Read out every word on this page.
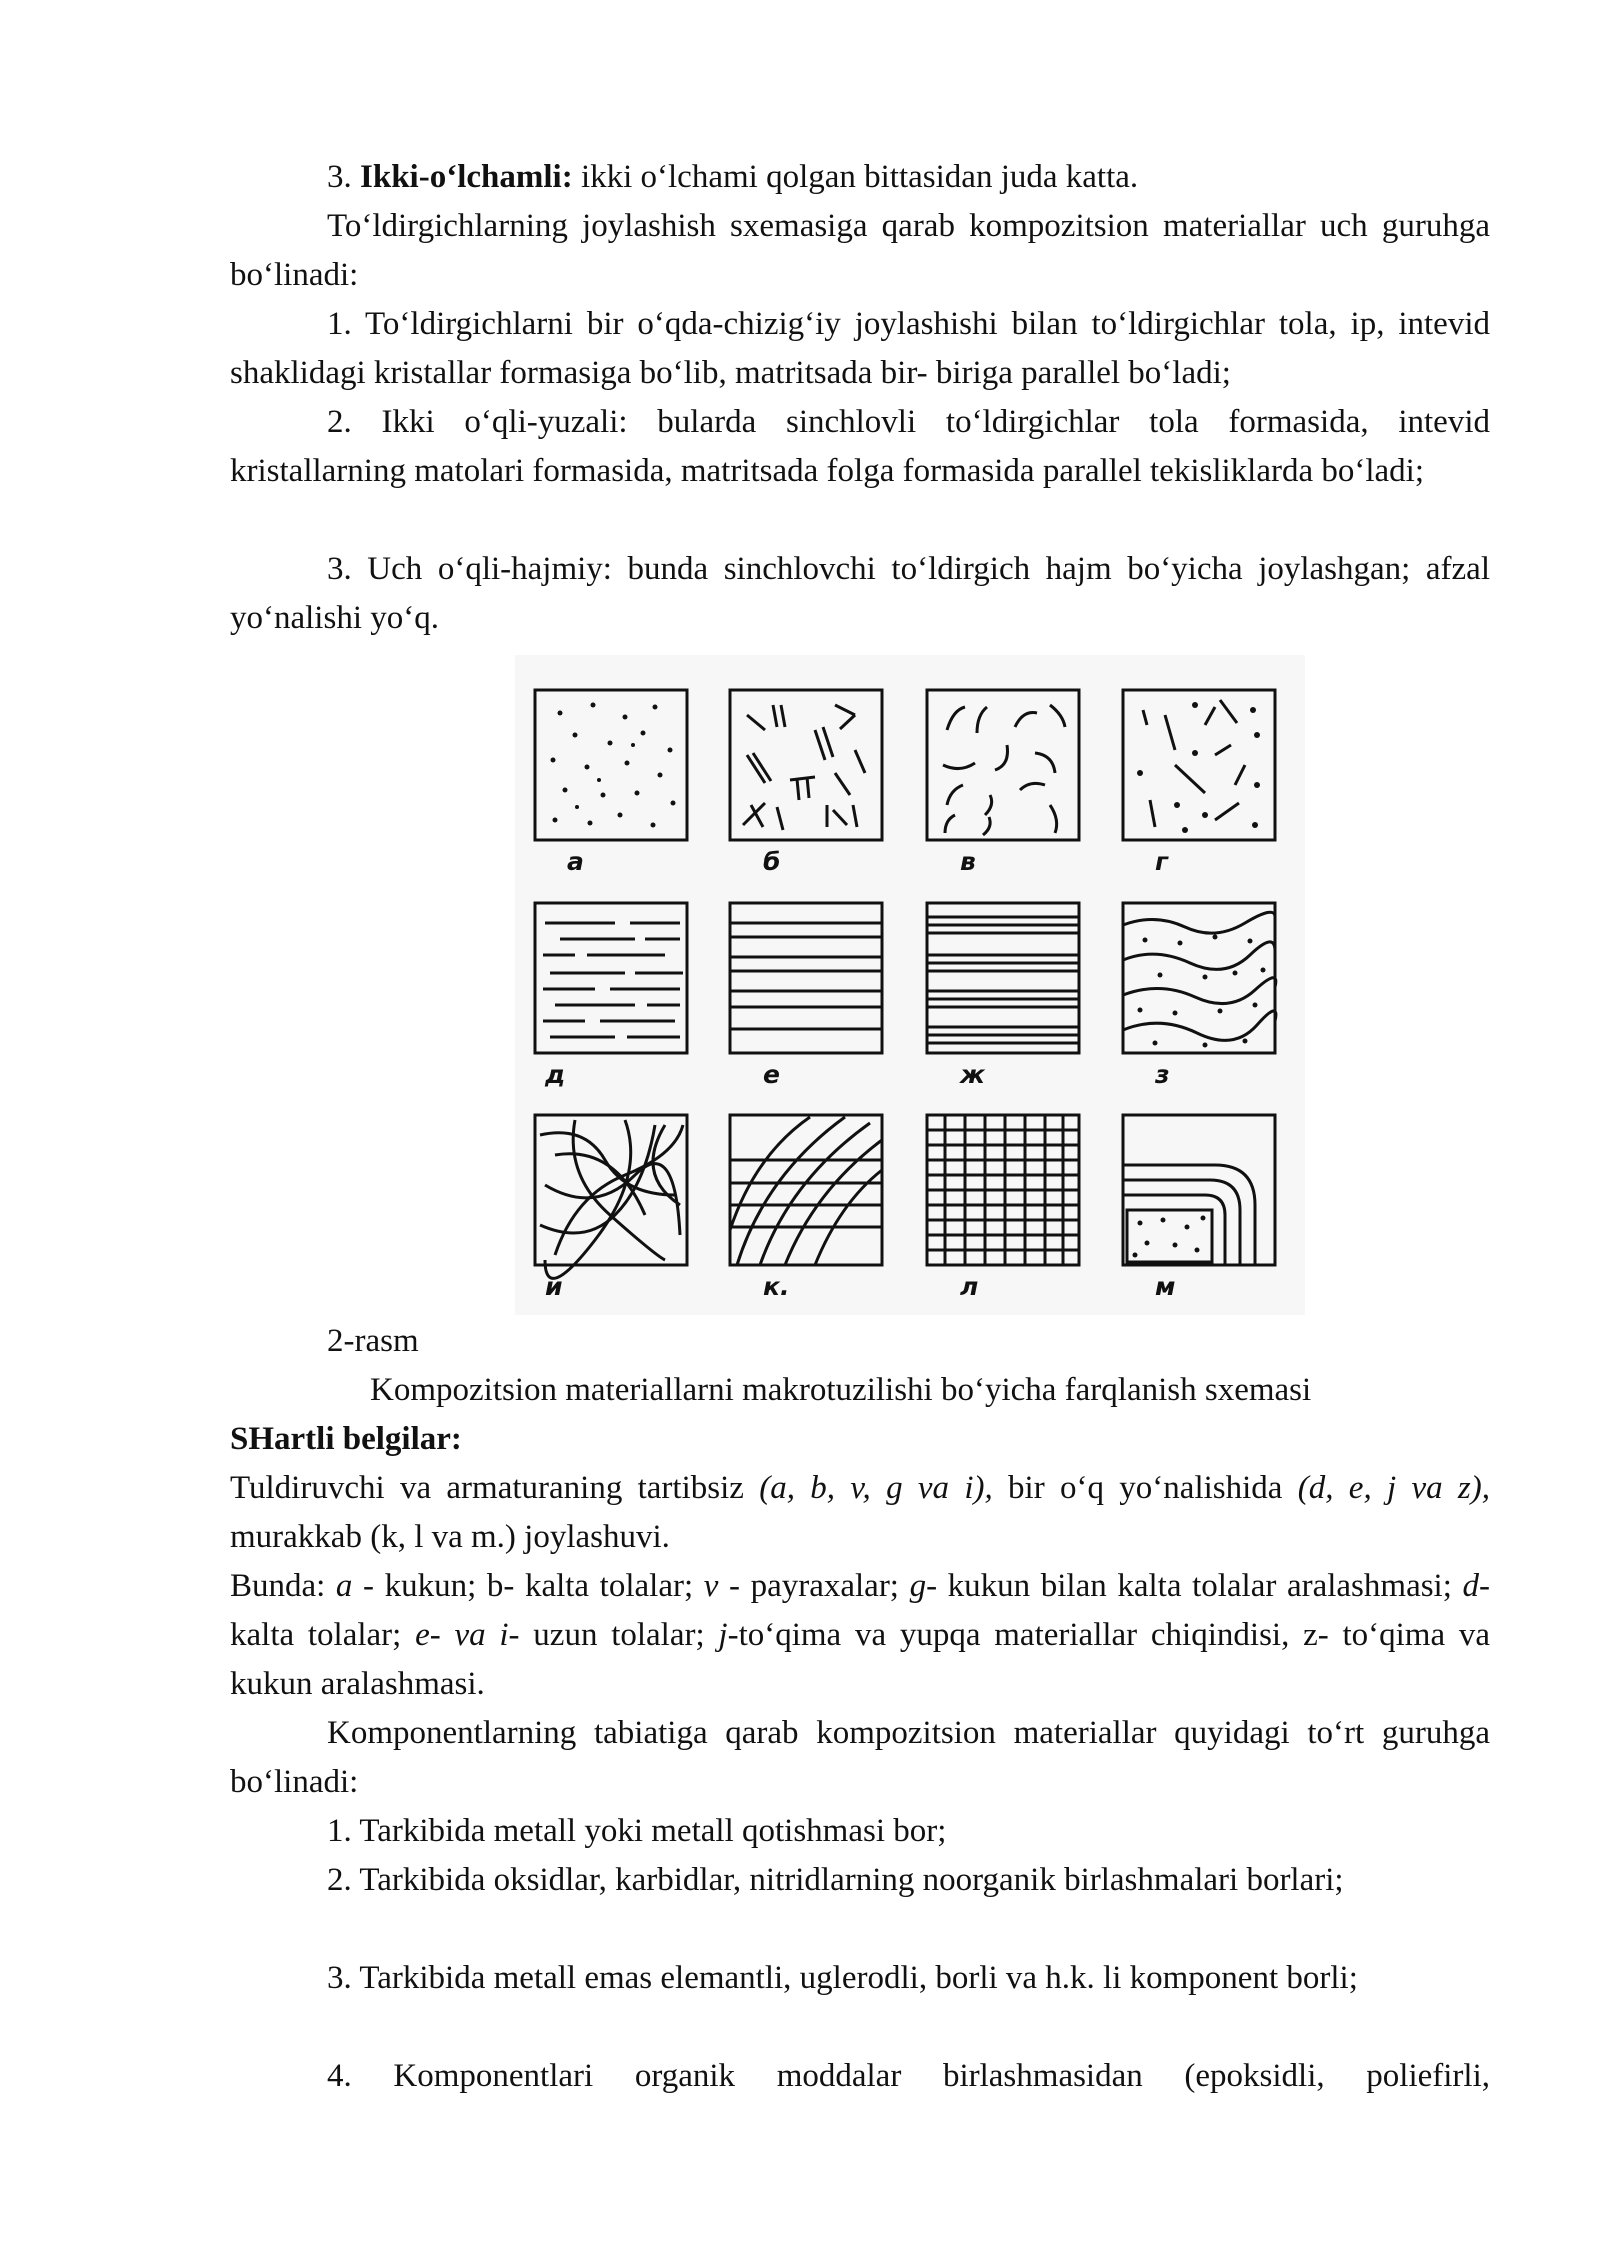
3. Ikki-o‘lchamli: ikki o‘lchami qolgan bittasidan juda katta.

To‘ldirgichlarning joylashish sxemasiga qarab kompozitsion materiallar uch guruhga bo‘linadi:

1. To‘ldirgichlarni bir o‘qda-chizig‘iy joylashishi bilan to‘ldirgichlar tola, ip, intevid shaklidagi kristallar formasiga bo‘lib, matritsada bir- biriga parallel bo‘ladi;

2. Ikki o‘qli-yuzali: bularda sinchlovli to‘ldirgichlar tola formasida, intevid kristallarning matolari formasida, matritsada folga formasida parallel tekisliklarda bo‘ladi;

3. Uch o‘qli-hajmiy: bunda sinchlovchi to‘ldirgich hajm bo‘yicha joylashgan; afzal yo‘nalishi yo‘q.

а	б	в	г
д	е	ж	з
и	к.	л	м

2-rasm

Kompozitsion materiallarni makrotuzilishi bo‘yicha farqlanish sxemasi

SHartli belgilar:

Tuldiruvchi va armaturaning tartibsiz (a, b, v, g va i), bir o‘q yo‘nalishida (d, e, j va z), murakkab (k, l va m.) joylashuvi.

Bunda: a - kukun; b- kalta tolalar; v - payraxalar; g- kukun bilan kalta tolalar aralashmasi; d- kalta tolalar; e- va i- uzun tolalar; j-to‘qima va yupqa materiallar chiqindisi, z- to‘qima va kukun aralashmasi.

Komponentlarning tabiatiga qarab kompozitsion materiallar quyidagi to‘rt guruhga bo‘linadi:

1. Tarkibida metall yoki metall qotishmasi bor;

2. Tarkibida oksidlar, karbidlar, nitridlarning noorganik birlashmalari borlari;

3. Tarkibida metall emas elemantli, uglerodli, borli va h.k. li komponent borli;

4. Komponentlari organik moddalar birlashmasidan (epoksidli, poliefirli,
